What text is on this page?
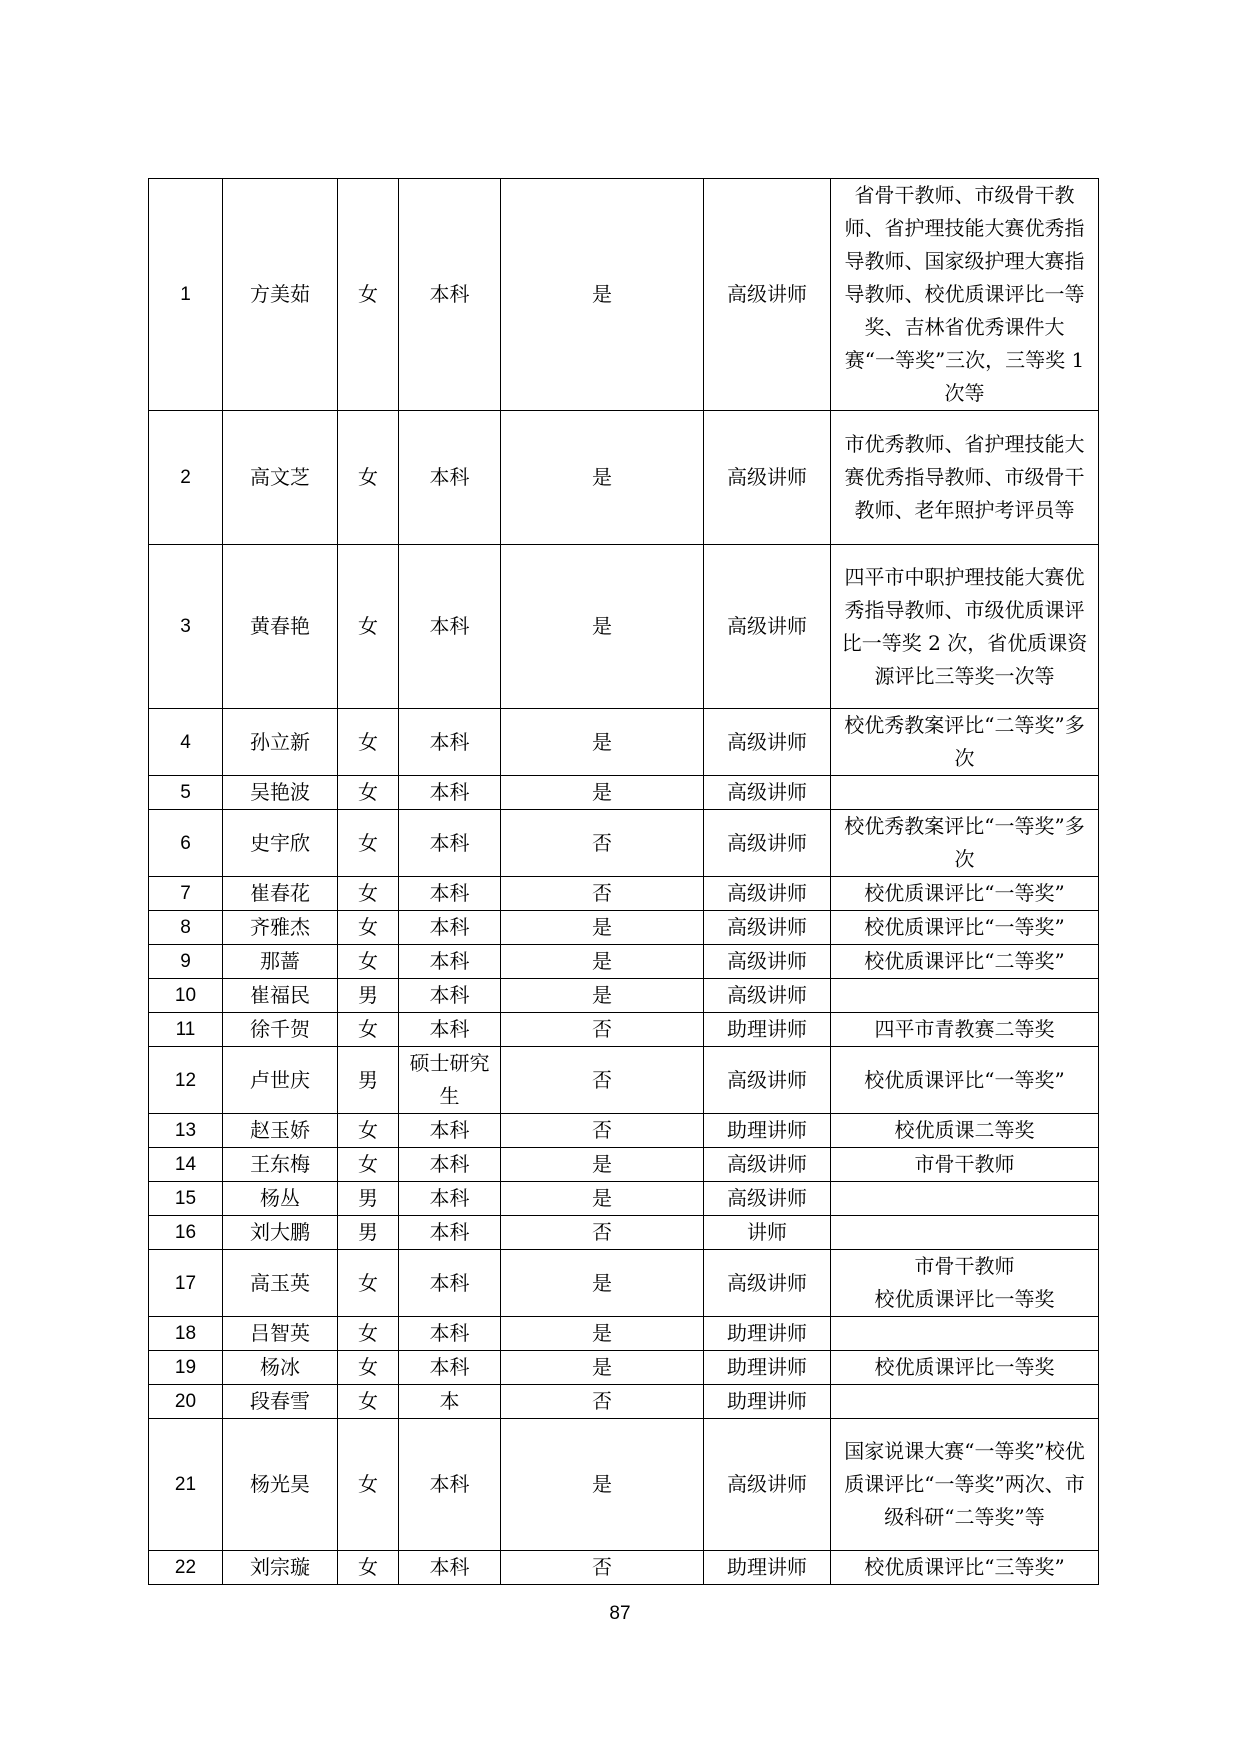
1	方美茹	女	本科	是	高级讲师	省骨干教师、市级骨干教师、省护理技能大赛优秀指导教师、国家级护理大赛指导教师、校优质课评比一等奖、吉林省优秀课件大赛“一等奖”三次，三等奖 1 次等
2	高文芝	女	本科	是	高级讲师	市优秀教师、省护理技能大赛优秀指导教师、市级骨干教师、老年照护考评员等
3	黄春艳	女	本科	是	高级讲师	四平市中职护理技能大赛优秀指导教师、市级优质课评比一等奖 2 次，省优质课资源评比三等奖一次等
4	孙立新	女	本科	是	高级讲师	校优秀教案评比“二等奖”多次
5	吴艳波	女	本科	是	高级讲师	
6	史宇欣	女	本科	否	高级讲师	校优秀教案评比“一等奖”多次
7	崔春花	女	本科	否	高级讲师	校优质课评比“一等奖”
8	齐雅杰	女	本科	是	高级讲师	校优质课评比“一等奖”
9	那蔷	女	本科	是	高级讲师	校优质课评比“二等奖”
10	崔福民	男	本科	是	高级讲师	
11	徐千贺	女	本科	否	助理讲师	四平市青教赛二等奖
12	卢世庆	男	硕士研究生	否	高级讲师	校优质课评比“一等奖”
13	赵玉娇	女	本科	否	助理讲师	校优质课二等奖
14	王东梅	女	本科	是	高级讲师	市骨干教师
15	杨丛	男	本科	是	高级讲师	
16	刘大鹏	男	本科	否	讲师	
17	高玉英	女	本科	是	高级讲师	市骨干教师
校优质课评比一等奖
18	吕智英	女	本科	是	助理讲师	
19	杨冰	女	本科	是	助理讲师	校优质课评比一等奖
20	段春雪	女	本	否	助理讲师	
21	杨光昊	女	本科	是	高级讲师	国家说课大赛“一等奖”校优质课评比“一等奖”两次、市级科研“二等奖”等
22	刘宗璇	女	本科	否	助理讲师	校优质课评比“三等奖”
87
